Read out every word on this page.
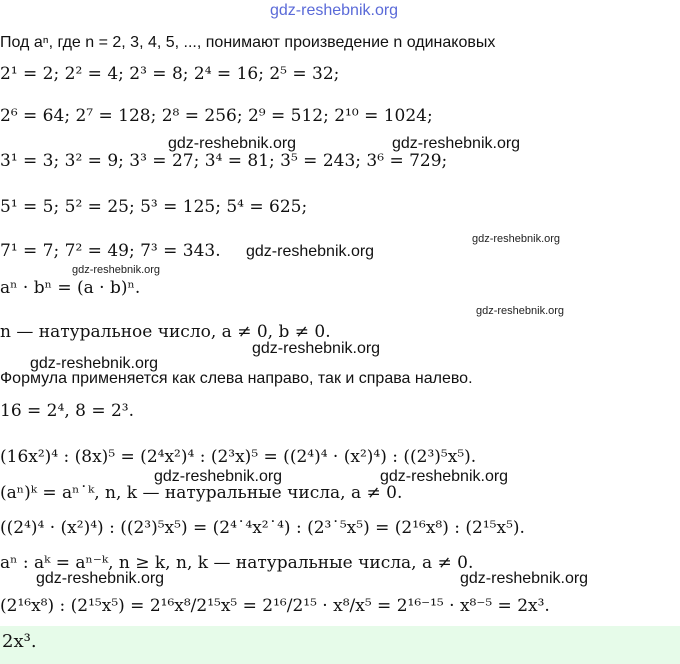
gdz-reshebnik.org
Под aⁿ, где n = 2, 3, 4, 5, ..., понимают произведение n одинаковых
2¹ = 2; 2² = 4; 2³ = 8; 2⁴ = 16; 2⁵ = 32;
2⁶ = 64; 2⁷ = 128; 2⁸ = 256; 2⁹ = 512; 2¹⁰ = 1024;
3¹ = 3; 3² = 9; 3³ = 27; 3⁴ = 81; 3⁵ = 243; 3⁶ = 729;
5¹ = 5; 5² = 25; 5³ = 125; 5⁴ = 625;
7¹ = 7; 7² = 49; 7³ = 343.
aⁿ · bⁿ = (a · b)ⁿ.
n — натуральное число, a ≠ 0, b ≠ 0.
Формула применяется как слева направо, так и справа налево.
16 = 2⁴, 8 = 2³.
(16x²)⁴ : (8x)⁵ = (2⁴x²)⁴ : (2³x)⁵ = ((2⁴)⁴ · (x²)⁴) : ((2³)⁵x⁵).
(aⁿ)ᵏ = aⁿ˙ᵏ, n, k — натуральные числа, a ≠ 0.
((2⁴)⁴ · (x²)⁴) : ((2³)⁵x⁵) = (2⁴˙⁴x²˙⁴) : (2³˙⁵x⁵) = (2¹⁶x⁸) : (2¹⁵x⁵).
aⁿ : aᵏ = aⁿ⁻ᵏ, n ≥ k, n, k — натуральные числа, a ≠ 0.
(2¹⁶x⁸) : (2¹⁵x⁵) = 2¹⁶x⁸/2¹⁵x⁵ = 2¹⁶/2¹⁵ · x⁸/x⁵ = 2¹⁶⁻¹⁵ · x⁸⁻⁵ = 2x³.
2x³.
gdz-reshebnik.org	gdz-reshebnik.org
gdz-reshebnik.org
gdz-reshebnik.org
gdz-reshebnik.org
gdz-reshebnik.org
gdz-reshebnik.org
gdz-reshebnik.org
gdz-reshebnik.org	gdz-reshebnik.org
gdz-reshebnik.org	gdz-reshebnik.org
